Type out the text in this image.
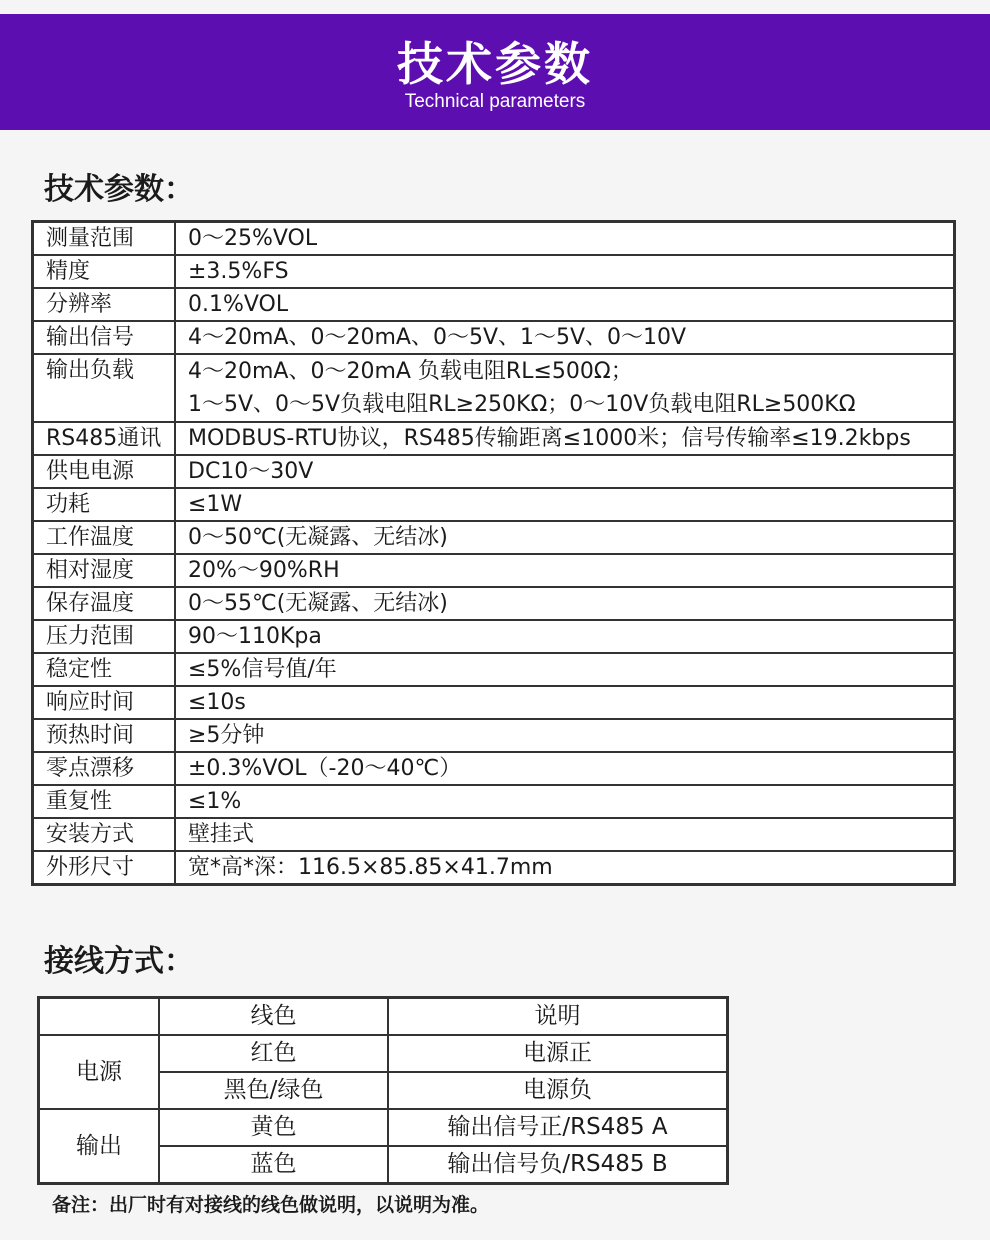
技术参数
Technical parameters
技术参数：
测量范围	0～25%VOL
精度	±3.5%FS
分辨率	0.1%VOL
输出信号	4～20mA、0～20mA、0～5V、1～5V、0～10V
输出负载	4～20mA、0～20mA 负载电阻RL≤500Ω；
1～5V、0～5V负载电阻RL≥250KΩ；0～10V负载电阻RL≥500KΩ

RS485通讯	MODBUS-RTU协议，RS485传输距离≤1000米；信号传输率≤19.2kbps
供电电源	DC10～30V
功耗	≤1W
工作温度	0～50℃(无凝露、无结冰)
相对湿度	20%～90%RH
保存温度	0～55℃(无凝露、无结冰)
压力范围	90～110Kpa
稳定性	≤5%信号值/年
响应时间	≤10s
预热时间	≥5分钟
零点漂移	±0.3%VOL（-20～40℃）
重复性	≤1%
安装方式	壁挂式
外形尺寸	宽*高*深：116.5×85.85×41.7mm
接线方式：
	线色	说明
电源	红色	电源正
	黑色/绿色	电源负
输出	黄色	输出信号正/RS485 A
	蓝色	输出信号负/RS485 B
备注：出厂时有对接线的线色做说明，以说明为准。
